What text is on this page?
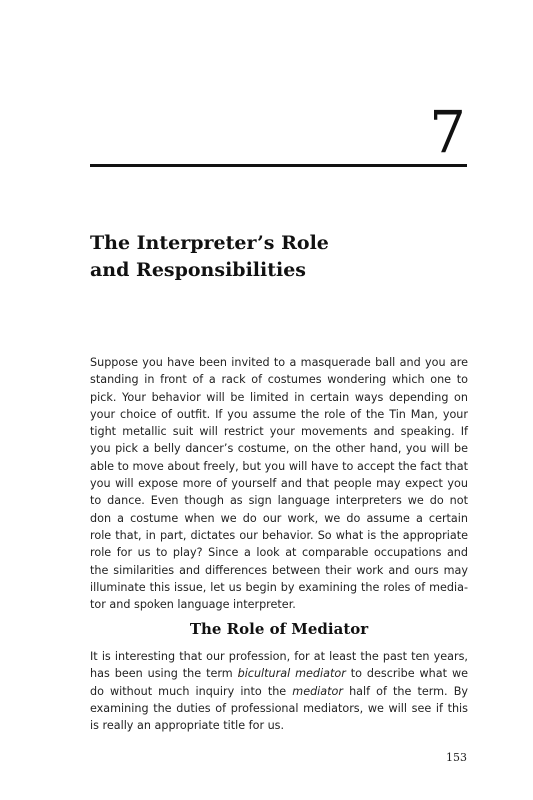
7
The Interpreter’s Role
and Responsibilities
Suppose you have been invited to a masquerade ball and you are
standing in front of a rack of costumes wondering which one to
pick. Your behavior will be limited in certain ways depending on
your choice of outfit. If you assume the role of the Tin Man, your
tight metallic suit will restrict your movements and speaking. If
you pick a belly dancer’s costume, on the other hand, you will be
able to move about freely, but you will have to accept the fact that
you will expose more of yourself and that people may expect you
to dance. Even though as sign language interpreters we do not
don a costume when we do our work, we do assume a certain
role that, in part, dictates our behavior. So what is the appropriate
role for us to play? Since a look at comparable occupations and
the similarities and differences between their work and ours may
illuminate this issue, let us begin by examining the roles of media-
tor and spoken language interpreter.
The Role of Mediator
It is interesting that our profession, for at least the past ten years,
has been using the term bicultural mediator to describe what we
do without much inquiry into the mediator half of the term. By
examining the duties of professional mediators, we will see if this
is really an appropriate title for us.
153
